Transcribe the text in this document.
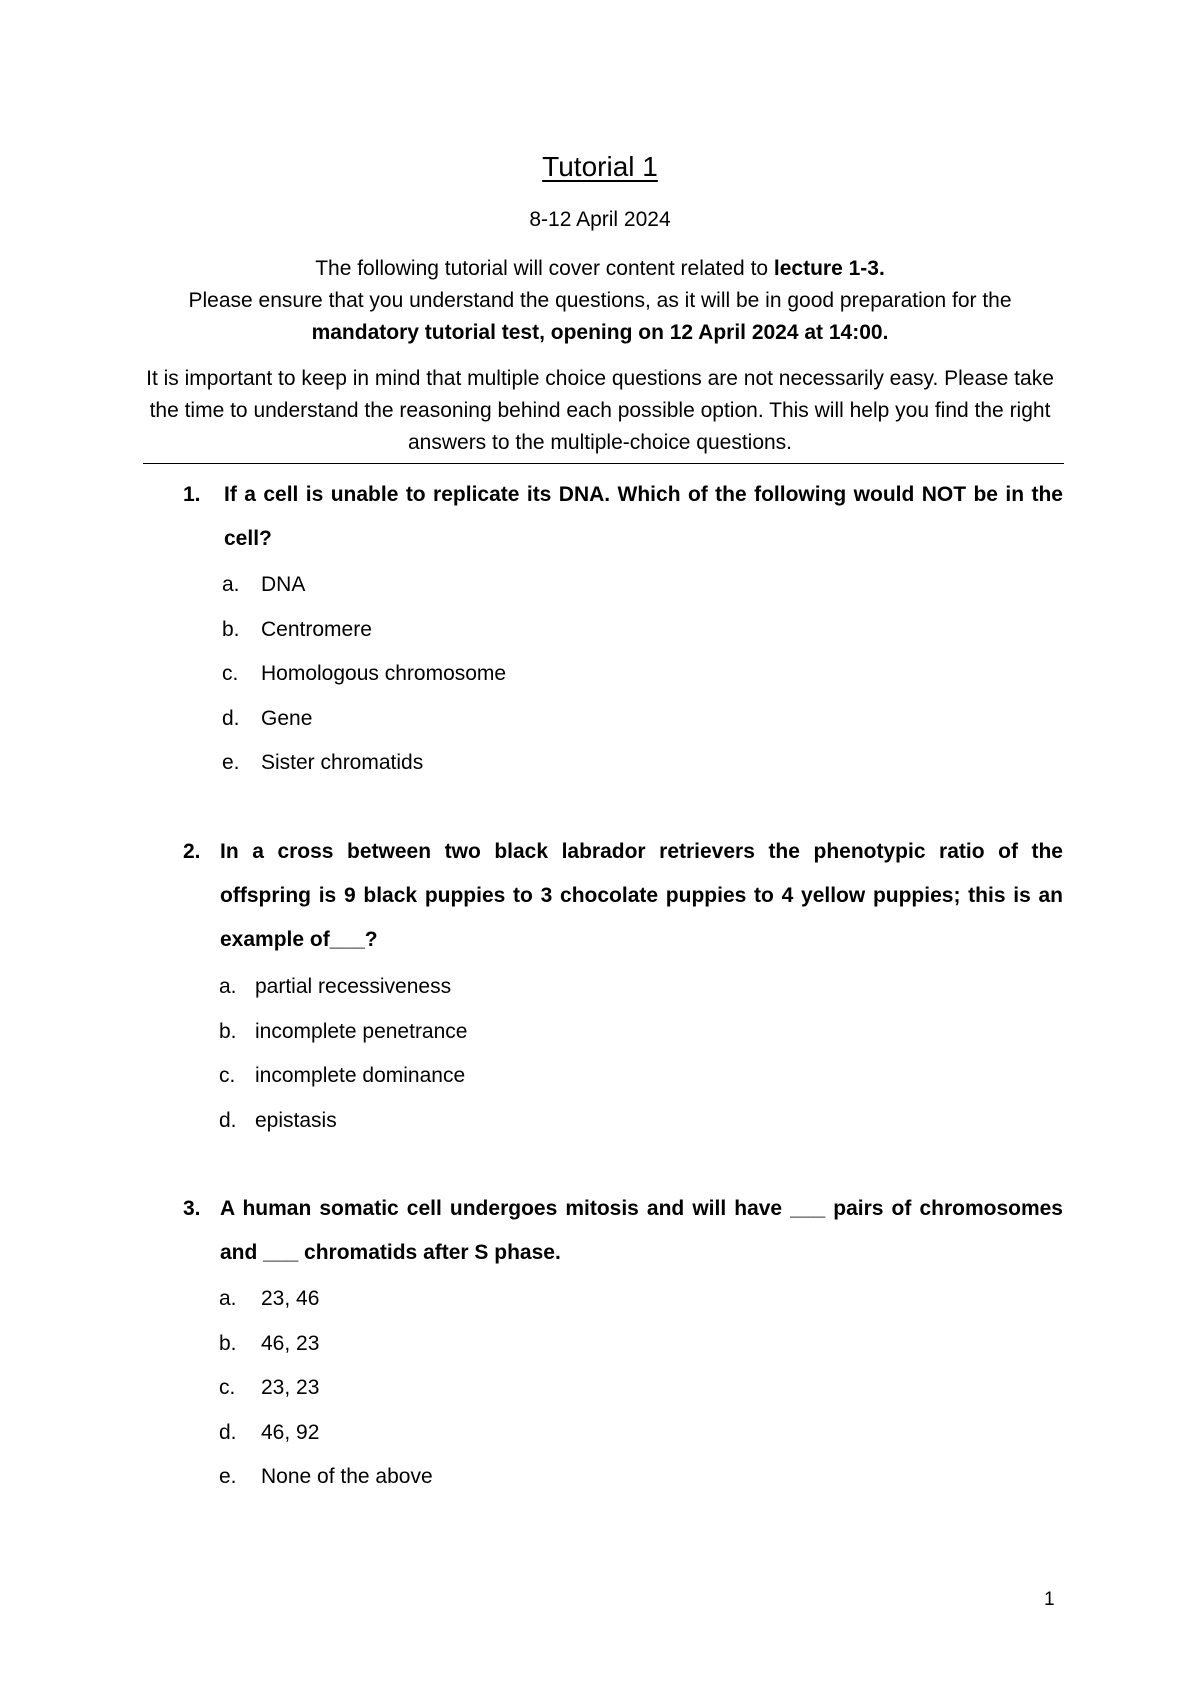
Tutorial 1
8-12 April 2024

The following tutorial will cover content related to lecture 1-3.

Please ensure that you understand the questions, as it will be in good preparation for the

mandatory tutorial test, opening on 12 April 2024 at 14:00.

It is important to keep in mind that multiple choice questions are not necessarily easy. Please take the time to understand the reasoning behind each possible option. This will help you find the right answers to the multiple-choice questions.

1. If a cell is unable to replicate its DNA. Which of the following would NOT be in the cell?
a. DNA
b. Centromere
c. Homologous chromosome
d. Gene
e. Sister chromatids
2. In a cross between two black labrador retrievers the phenotypic ratio of the offspring is 9 black puppies to 3 chocolate puppies to 4 yellow puppies; this is an example of___?
a. partial recessiveness
b. incomplete penetrance
c. incomplete dominance
d. epistasis
3. A human somatic cell undergoes mitosis and will have ___ pairs of chromosomes and ___ chromatids after S phase.
a. 23, 46
b. 46, 23
c. 23, 23
d. 46, 92
e. None of the above
1
